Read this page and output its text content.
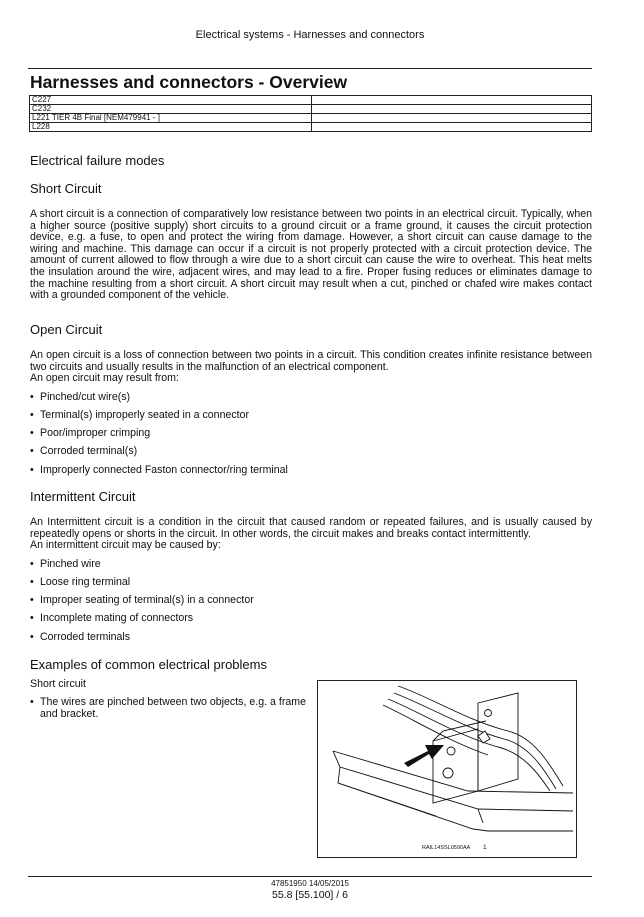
Electrical systems - Harnesses and connectors
Harnesses and connectors - Overview
C227	
C232	
L221 TIER 4B Final [NEM479941 - ]	
L228	
Electrical failure modes
Short Circuit

A short circuit is a connection of comparatively low resistance between two points in an electrical circuit. Typically, when a higher source (positive supply) short circuits to a ground circuit or a frame ground, it causes the circuit protection device, e.g. a fuse, to open and protect the wiring from damage. However, a short circuit can cause damage to the wiring and machine. This damage can occur if a circuit is not properly protected with a circuit protection device. The amount of current allowed to flow through a wire due to a short circuit can cause the wire to overheat. This heat melts the insulation around the wire, adjacent wires, and may lead to a fire. Proper fusing reduces or eliminates damage to the machine resulting from a short circuit. A short circuit may result when a cut, pinched or chafed wire makes contact with a grounded component of the vehicle.

Open Circuit

An open circuit is a loss of connection between two points in a circuit. This condition creates infinite resistance between two circuits and usually results in the malfunction of an electrical component.

An open circuit may result from:

• Pinched/cut wire(s)
• Terminal(s) improperly seated in a connector
• Poor/improper crimping
• Corroded terminal(s)
• Improperly connected Faston connector/ring terminal
Intermittent Circuit

An Intermittent circuit is a condition in the circuit that caused random or repeated failures, and is usually caused by repeatedly opens or shorts in the circuit. In other words, the circuit makes and breaks contact intermittently.

An intermittent circuit may be caused by:

• Pinched wire
• Loose ring terminal
• Improper seating of terminal(s) in a connector
• Incomplete mating of connectors
• Corroded terminals
Examples of common electrical problems

Short circuit

• The wires are pinched between two objects, e.g. a frame and bracket.
RAIL14SSL0590AA 1
47851950 14/05/2015
55.8 [55.100] / 6
